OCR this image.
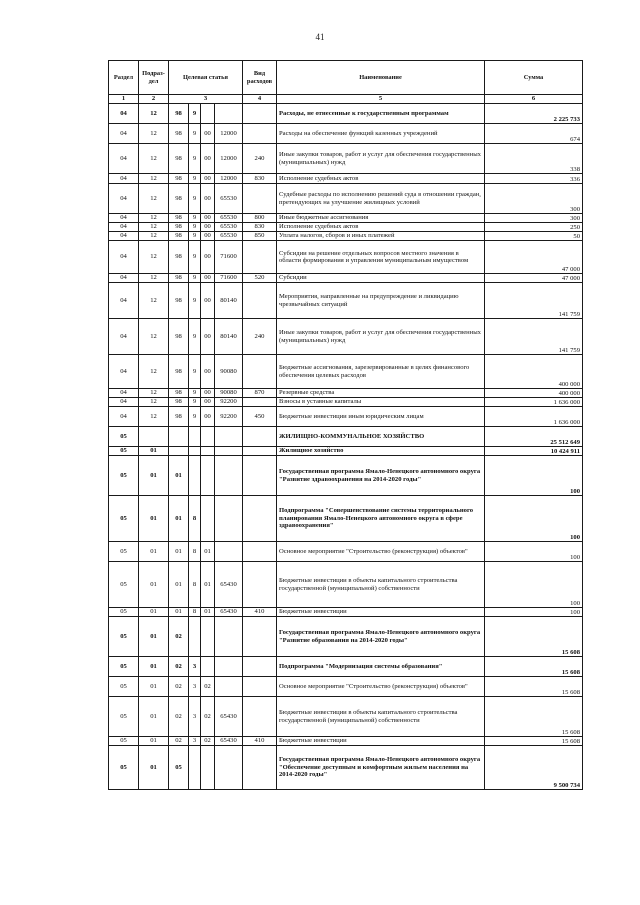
41
Раздел	Подраз-дел	Целевая статья				Вид расходов	Наименование	Сумма
1	2	3				4	5	6
04	12	98	9				Расходы, не отнесенные к государственным программам	2 225 733
04	12	98	9	00	12000		Расходы на обеспечение функций казенных учреждений	674
04	12	98	9	00	12000	240	Иные закупки товаров, работ и услуг для обеспечения государственных (муниципальных) нужд	338
04	12	98	9	00	12000	830	Исполнение судебных актов	336
04	12	98	9	00	65530		Судебные расходы по исполнению решений суда в отношении граждан, претендующих на улучшение жилищных условий	300
04	12	98	9	00	65530	800	Иные бюджетные ассигнования	300
04	12	98	9	00	65530	830	Исполнение судебных актов	250
04	12	98	9	00	65530	850	Уплата налогов, сборов и иных платежей	50
04	12	98	9	00	71600		Субсидии на решение отдельных вопросов местного значения в области формирования и управления муниципальным имуществом	47 000
04	12	98	9	00	71600	520	Субсидии	47 000
04	12	98	9	00	80140		Мероприятия, направленные на предупреждение и ликвидацию чрезвычайных ситуаций	141 759
04	12	98	9	00	80140	240	Иные закупки товаров, работ и услуг для обеспечения государственных (муниципальных) нужд	141 759
04	12	98	9	00	90080		Бюджетные ассигнования, зарезервированные в целях финансового обеспечения целевых расходов	400 000
04	12	98	9	00	90080	870	Резервные средства	400 000
04	12	98	9	00	92200		Взносы в уставные капиталы	1 636 000
04	12	98	9	00	92200	450	Бюджетные инвестиции иным юридическим лицам	1 636 000
05							ЖИЛИЩНО-КОММУНАЛЬНОЕ ХОЗЯЙСТВО	25 512 649
05	01						Жилищное хозяйство	10 424 911
05	01	01					Государственная программа Ямало-Ненецкого автономного округа "Развитие здравоохранения на 2014-2020 годы"	100
05	01	01	8				Подпрограмма "Совершенствование системы территориального планирования Ямало-Ненецкого автономного округа в сфере здравоохранения"	100
05	01	01	8	01			Основное мероприятие "Строительство (реконструкция) объектов"	100
05	01	01	8	01	65430		Бюджетные инвестиции в объекты капитального строительства государственной (муниципальной) собственности	100
05	01	01	8	01	65430	410	Бюджетные инвестиции	100
05	01	02					Государственная программа Ямало-Ненецкого автономного округа "Развитие образования на 2014-2020 годы"	15 608
05	01	02	3				Подпрограмма "Модернизация системы образования"	15 608
05	01	02	3	02			Основное мероприятие "Строительство (реконструкция) объектов"	15 608
05	01	02	3	02	65430		Бюджетные инвестиции в объекты капитального строительства государственной (муниципальной) собственности	15 608
05	01	02	3	02	65430	410	Бюджетные инвестиции	15 608
05	01	05					Государственная программа Ямало-Ненецкого автономного округа "Обеспечение доступным и комфортным жильем населения на 2014-2020 годы"	9 500 734
